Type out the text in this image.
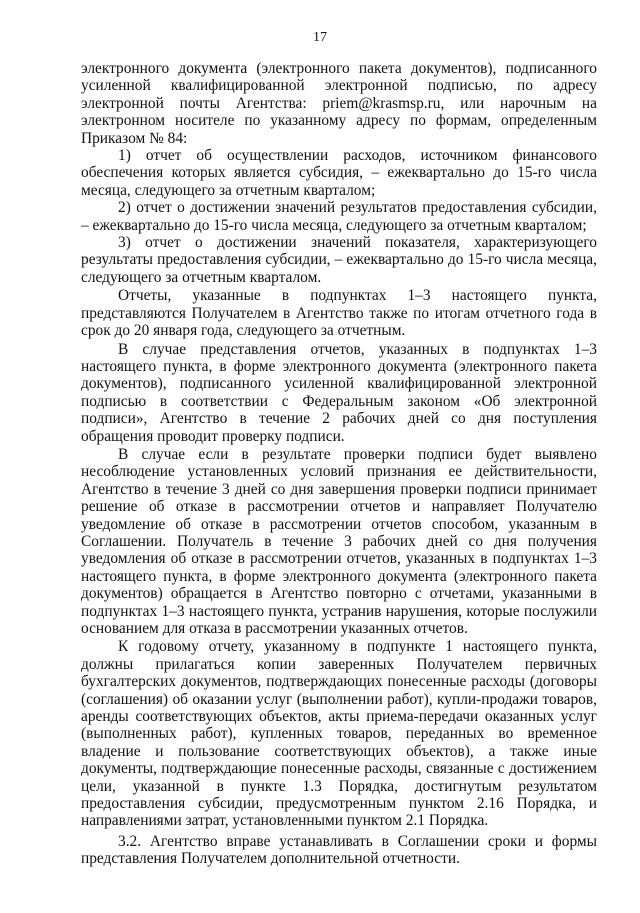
17

электронного документа (электронного пакета документов), подписанного усиленной квалифицированной электронной подписью, по адресу электронной почты Агентства: priem@krasmsp.ru, или нарочным на электронном носителе по указанному адресу по формам, определенным Приказом № 84:

1) отчет об осуществлении расходов, источником финансового обеспечения которых является субсидия, – ежеквартально до 15-го числа месяца, следующего за отчетным кварталом;

2) отчет о достижении значений результатов предоставления субсидии, – ежеквартально до 15-го числа месяца, следующего за отчетным кварталом;

3) отчет о достижении значений показателя, характеризующего результаты предоставления субсидии, – ежеквартально до 15-го числа месяца, следующего за отчетным кварталом.

Отчеты, указанные в подпунктах 1–3 настоящего пункта, представляются Получателем в Агентство также по итогам отчетного года в срок до 20 января года, следующего за отчетным.

В случае представления отчетов, указанных в подпунктах 1–3 настоящего пункта, в форме электронного документа (электронного пакета документов), подписанного усиленной квалифицированной электронной подписью в соответствии с Федеральным законом «Об электронной подписи», Агентство в течение 2 рабочих дней со дня поступления обращения проводит проверку подписи.

В случае если в результате проверки подписи будет выявлено несоблюдение установленных условий признания ее действительности, Агентство в течение 3 дней со дня завершения проверки подписи принимает решение об отказе в рассмотрении отчетов и направляет Получателю уведомление об отказе в рассмотрении отчетов способом, указанным в Соглашении. Получатель в течение 3 рабочих дней со дня получения уведомления об отказе в рассмотрении отчетов, указанных в подпунктах 1–3 настоящего пункта, в форме электронного документа (электронного пакета документов) обращается в Агентство повторно с отчетами, указанными в подпунктах 1–3 настоящего пункта, устранив нарушения, которые послужили основанием для отказа в рассмотрении указанных отчетов.

К годовому отчету, указанному в подпункте 1 настоящего пункта, должны прилагаться копии заверенных Получателем первичных бухгалтерских документов, подтверждающих понесенные расходы (договоры (соглашения) об оказании услуг (выполнении работ), купли-продажи товаров, аренды соответствующих объектов, акты приема-передачи оказанных услуг (выполненных работ), купленных товаров, переданных во временное владение и пользование соответствующих объектов), а также иные документы, подтверждающие понесенные расходы, связанные с достижением цели, указанной в пункте 1.3 Порядка, достигнутым результатом предоставления субсидии, предусмотренным пунктом 2.16 Порядка, и направлениями затрат, установленными пунктом 2.1 Порядка.

3.2. Агентство вправе устанавливать в Соглашении сроки и формы представления Получателем дополнительной отчетности.
